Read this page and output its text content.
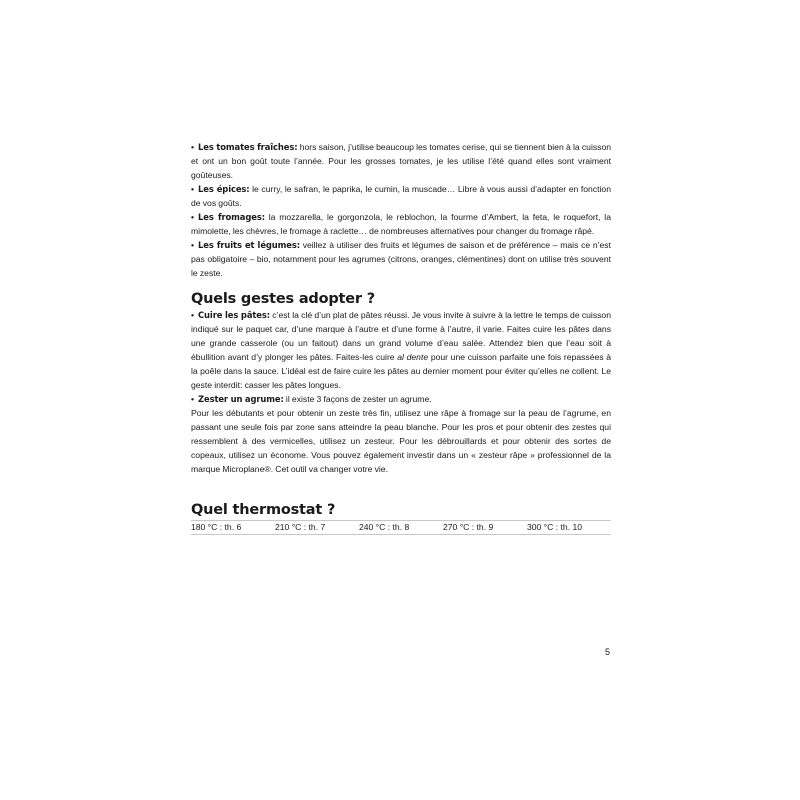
• Les tomates fraîches: hors saison, j’utilise beaucoup les tomates cerise, qui se tiennent bien à la cuisson et ont un bon goût toute l’année. Pour les grosses tomates, je les utilise l’été quand elles sont vraiment goûteuses.

• Les épices: le curry, le safran, le paprika, le cumin, la muscade… Libre à vous aussi d’adapter en fonction de vos goûts.

• Les fromages: la mozzarella, le gorgonzola, le reblochon, la fourme d’Ambert, la feta, le roquefort, la mimolette, les chèvres, le fromage à raclette… de nombreuses alternatives pour changer du fromage râpé.

• Les fruits et légumes: veillez à utiliser des fruits et légumes de saison et de préférence – mais ce n’est pas obligatoire – bio, notamment pour les agrumes (citrons, oranges, clémentines) dont on utilise très souvent le zeste.

Quels gestes adopter ?

• Cuire les pâtes: c’est la clé d’un plat de pâtes réussi. Je vous invite à suivre à la lettre le temps de cuisson indiqué sur le paquet car, d’une marque à l’autre et d’une forme à l’autre, il varie. Faites cuire les pâtes dans une grande casserole (ou un faitout) dans un grand volume d’eau salée. Attendez bien que l’eau soit à ébullition avant d’y plonger les pâtes. Faites-les cuire al dente pour une cuisson parfaite une fois repassées à la poêle dans la sauce. L’idéal est de faire cuire les pâtes au dernier moment pour éviter qu’elles ne collent. Le geste interdit: casser les pâtes longues.

• Zester un agrume: il existe 3 façons de zester un agrume.

Pour les débutants et pour obtenir un zeste très fin, utilisez une râpe à fromage sur la peau de l’agrume, en passant une seule fois par zone sans atteindre la peau blanche. Pour les pros et pour obtenir des zestes qui ressemblent à des vermicelles, utilisez un zesteur. Pour les débrouillards et pour obtenir des sortes de copeaux, utilisez un économe. Vous pouvez également investir dans un « zesteur râpe » professionnel de la marque Microplane®. Cet outil va changer votre vie.

Quel thermostat ?
180 °C : th. 6	210 °C : th. 7	240 °C : th. 8	270 °C : th. 9	300 °C : th. 10
5
